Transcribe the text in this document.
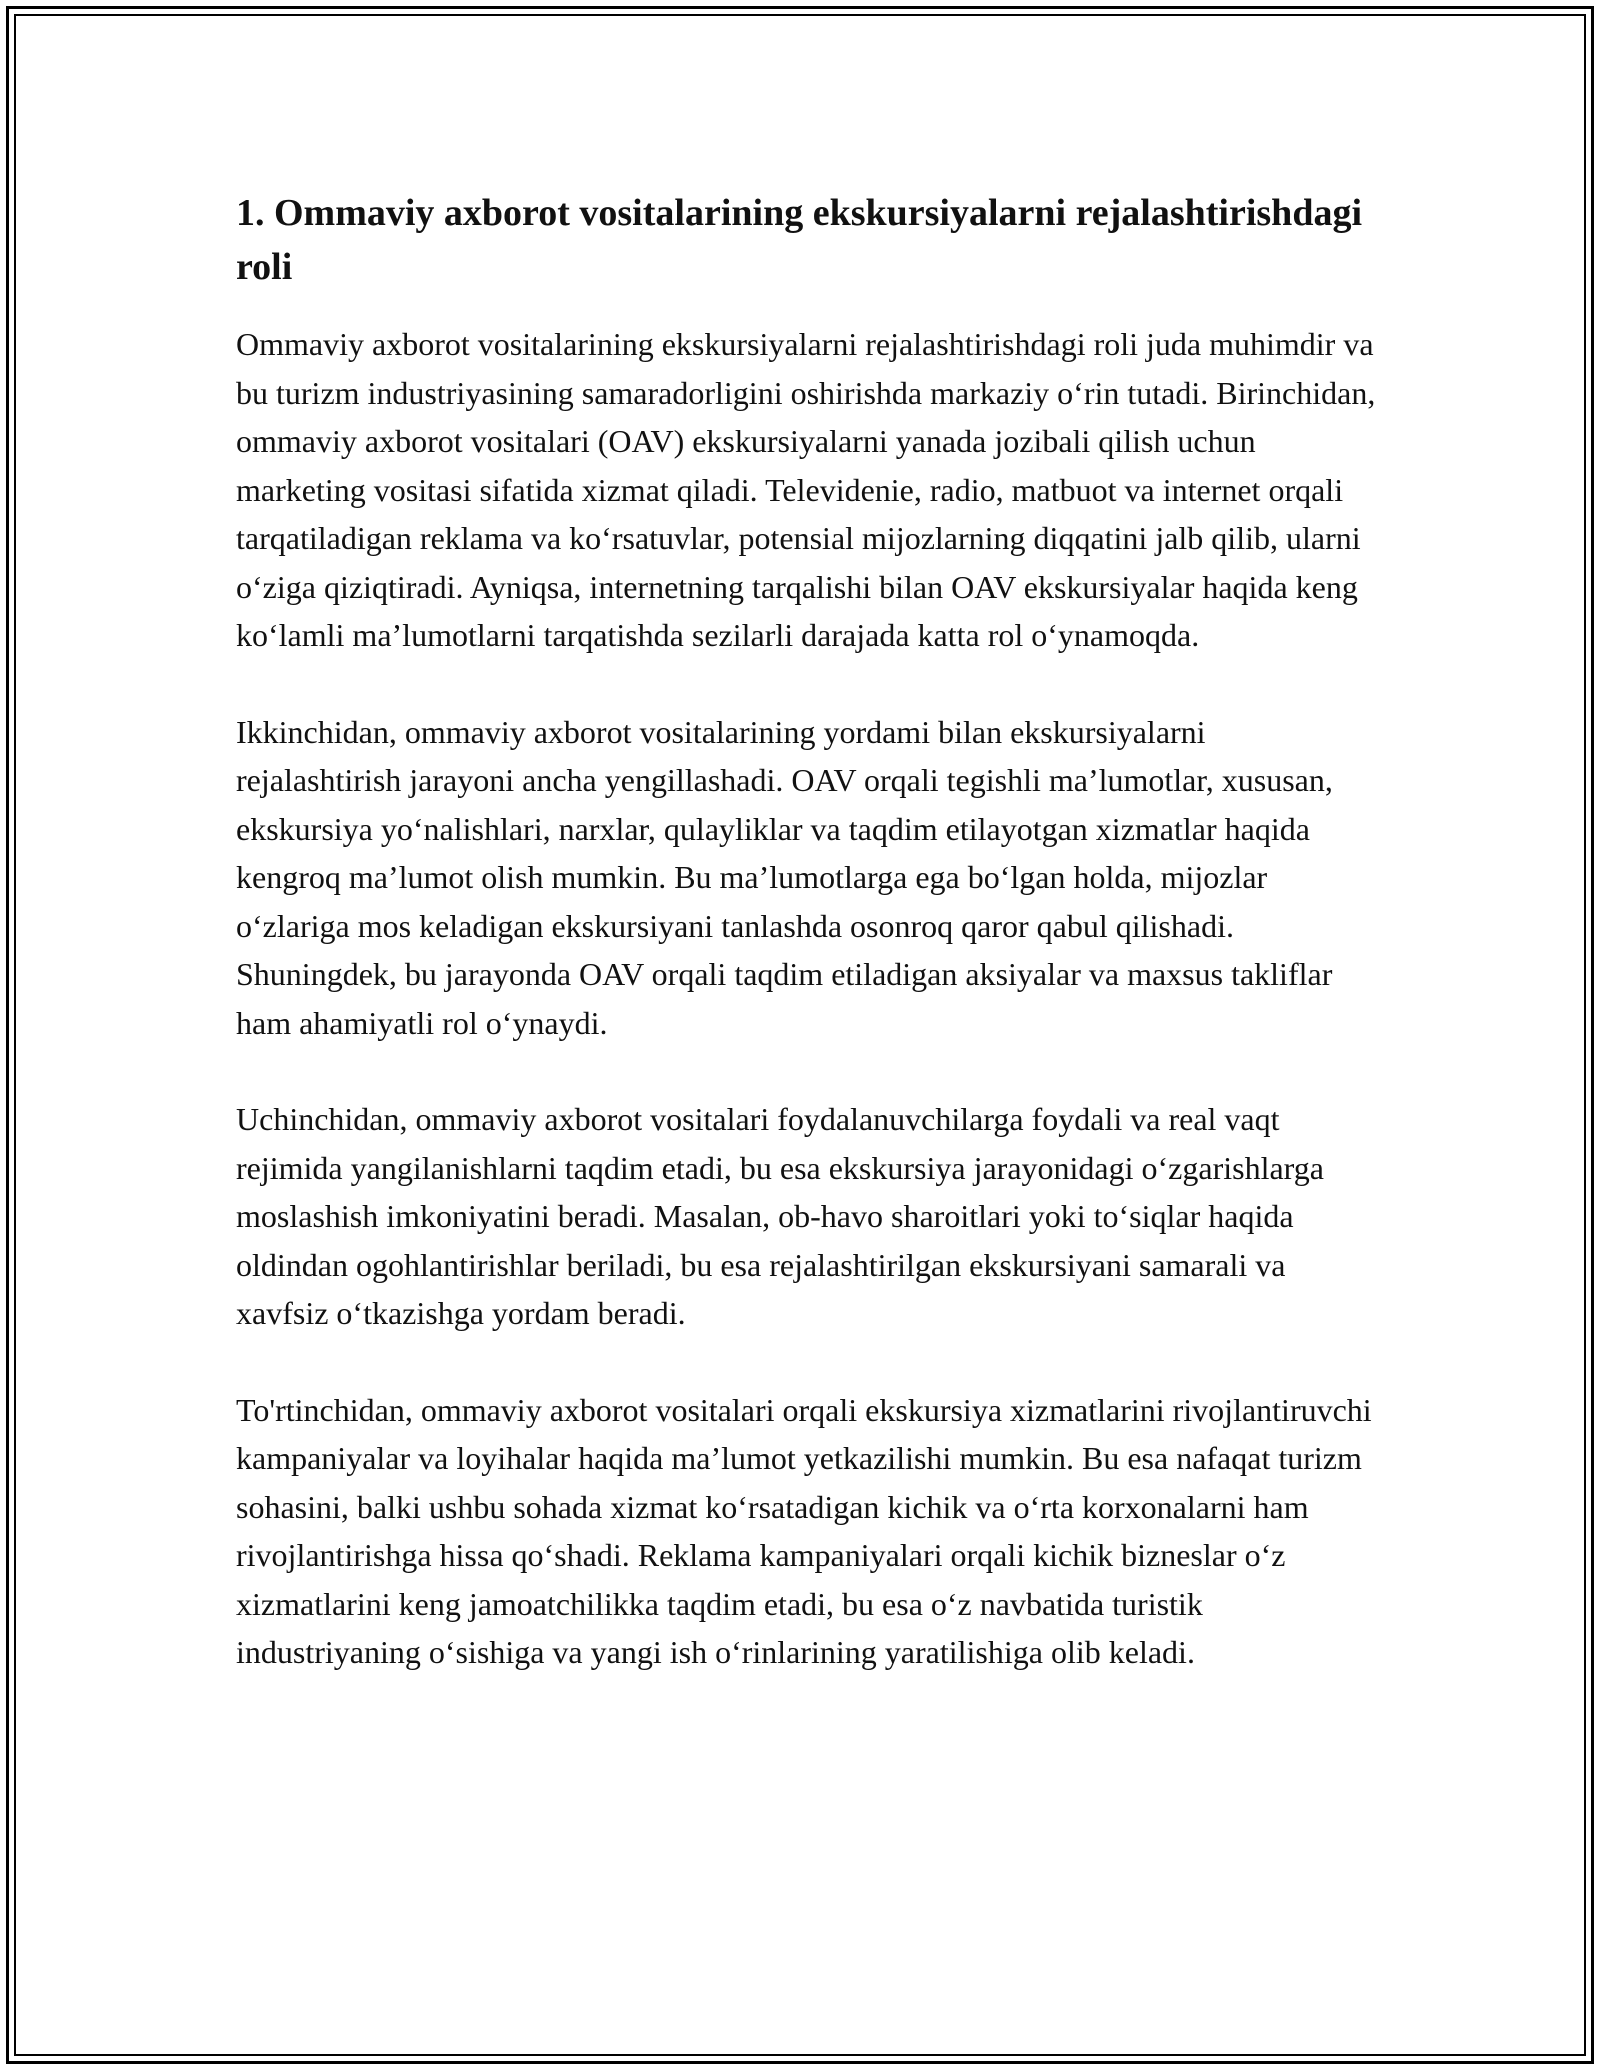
1. Ommaviy axborot vositalarining ekskursiyalarni rejalashtirishdagi roli

Ommaviy axborot vositalarining ekskursiyalarni rejalashtirishdagi roli juda muhimdir va bu turizm industriyasining samaradorligini oshirishda markaziy o‘rin tutadi. Birinchidan, ommaviy axborot vositalari (OAV) ekskursiyalarni yanada jozibali qilish uchun marketing vositasi sifatida xizmat qiladi. Televidenie, radio, matbuot va internet orqali tarqatiladigan reklama va ko‘rsatuvlar, potensial mijozlarning diqqatini jalb qilib, ularni o‘ziga qiziqtiradi. Ayniqsa, internetning tarqalishi bilan OAV ekskursiyalar haqida keng ko‘lamli ma’lumotlarni tarqatishda sezilarli darajada katta rol o‘ynamoqda.

Ikkinchidan, ommaviy axborot vositalarining yordami bilan ekskursiyalarni rejalashtirish jarayoni ancha yengillashadi. OAV orqali tegishli ma’lumotlar, xususan, ekskursiya yo‘nalishlari, narxlar, qulayliklar va taqdim etilayotgan xizmatlar haqida kengroq ma’lumot olish mumkin. Bu ma’lumotlarga ega bo‘lgan holda, mijozlar o‘zlariga mos keladigan ekskursiyani tanlashda osonroq qaror qabul qilishadi. Shuningdek, bu jarayonda OAV orqali taqdim etiladigan aksiyalar va maxsus takliflar ham ahamiyatli rol o‘ynaydi.

Uchinchidan, ommaviy axborot vositalari foydalanuvchilarga foydali va real vaqt rejimida yangilanishlarni taqdim etadi, bu esa ekskursiya jarayonidagi o‘zgarishlarga moslashish imkoniyatini beradi. Masalan, ob-havo sharoitlari yoki to‘siqlar haqida oldindan ogohlantirishlar beriladi, bu esa rejalashtirilgan ekskursiyani samarali va xavfsiz o‘tkazishga yordam beradi.

To'rtinchidan, ommaviy axborot vositalari orqali ekskursiya xizmatlarini rivojlantiruvchi kampaniyalar va loyihalar haqida ma’lumot yetkazilishi mumkin. Bu esa nafaqat turizm sohasini, balki ushbu sohada xizmat ko‘rsatadigan kichik va o‘rta korxonalarni ham rivojlantirishga hissa qo‘shadi. Reklama kampaniyalari orqali kichik bizneslar o‘z xizmatlarini keng jamoatchilikka taqdim etadi, bu esa o‘z navbatida turistik industriyaning o‘sishiga va yangi ish o‘rinlarining yaratilishiga olib keladi.
